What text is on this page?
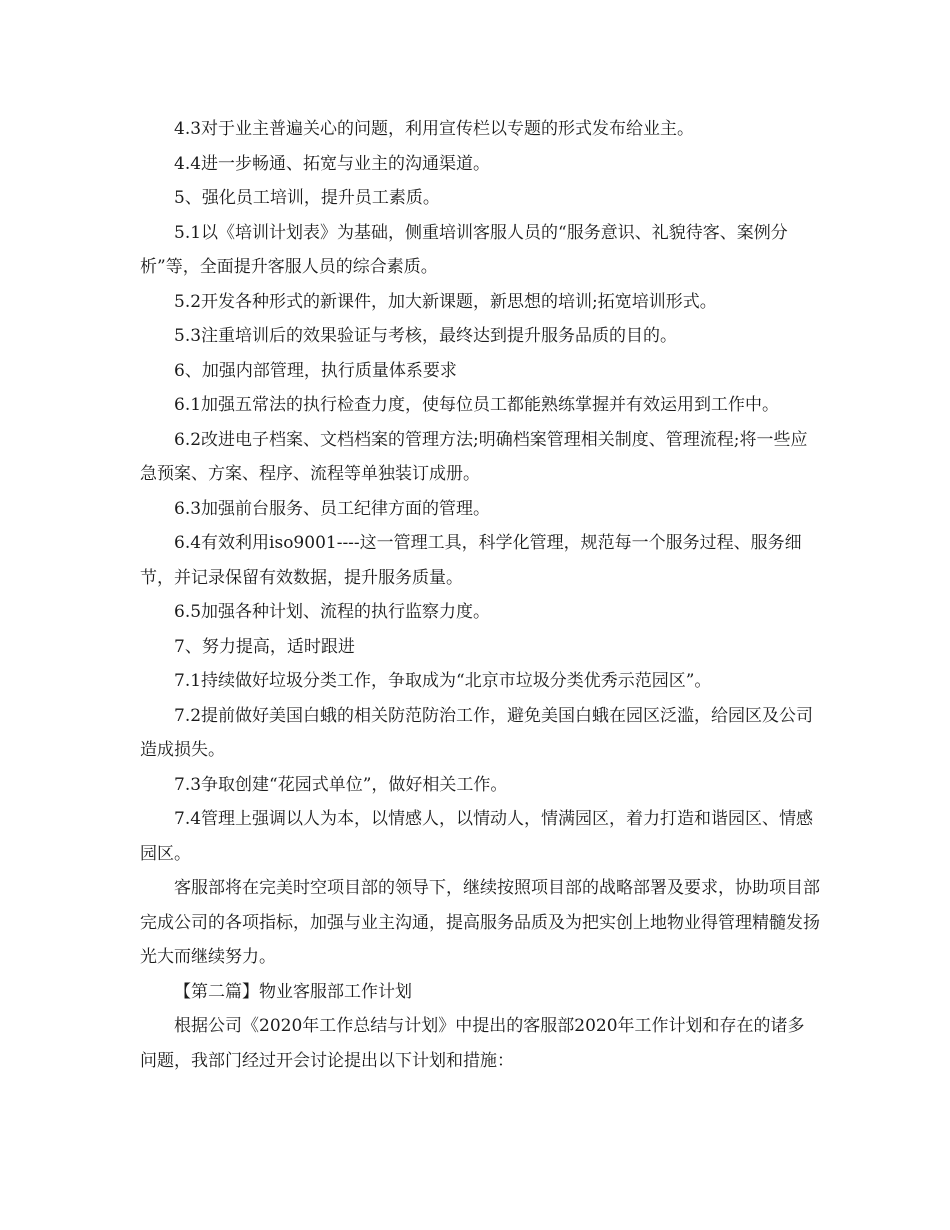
4.3对于业主普遍关心的问题，利用宣传栏以专题的形式发布给业主。

4.4进一步畅通、拓宽与业主的沟通渠道。

5、强化员工培训，提升员工素质。

5.1以《培训计划表》为基础，侧重培训客服人员的“服务意识、礼貌待客、案例分析”等，全面提升客服人员的综合素质。

5.2开发各种形式的新课件，加大新课题，新思想的培训;拓宽培训形式。

5.3注重培训后的效果验证与考核，最终达到提升服务品质的目的。

6、加强内部管理，执行质量体系要求

6.1加强五常法的执行检查力度，使每位员工都能熟练掌握并有效运用到工作中。

6.2改进电子档案、文档档案的管理方法;明确档案管理相关制度、管理流程;将一些应急预案、方案、程序、流程等单独装订成册。

6.3加强前台服务、员工纪律方面的管理。

6.4有效利用iso9001----这一管理工具，科学化管理，规范每一个服务过程、服务细节，并记录保留有效数据，提升服务质量。

6.5加强各种计划、流程的执行监察力度。

7、努力提高，适时跟进

7.1持续做好垃圾分类工作，争取成为“北京市垃圾分类优秀示范园区”。

7.2提前做好美国白蛾的相关防范防治工作，避免美国白蛾在园区泛滥，给园区及公司造成损失。

7.3争取创建“花园式单位”，做好相关工作。

7.4管理上强调以人为本，以情感人，以情动人，情满园区，着力打造和谐园区、情感园区。

客服部将在完美时空项目部的领导下，继续按照项目部的战略部署及要求，协助项目部完成公司的各项指标，加强与业主沟通，提高服务品质及为把实创上地物业得管理精髓发扬光大而继续努力。

【第二篇】物业客服部工作计划

根据公司《2020年工作总结与计划》中提出的客服部2020年工作计划和存在的诸多问题，我部门经过开会讨论提出以下计划和措施：
